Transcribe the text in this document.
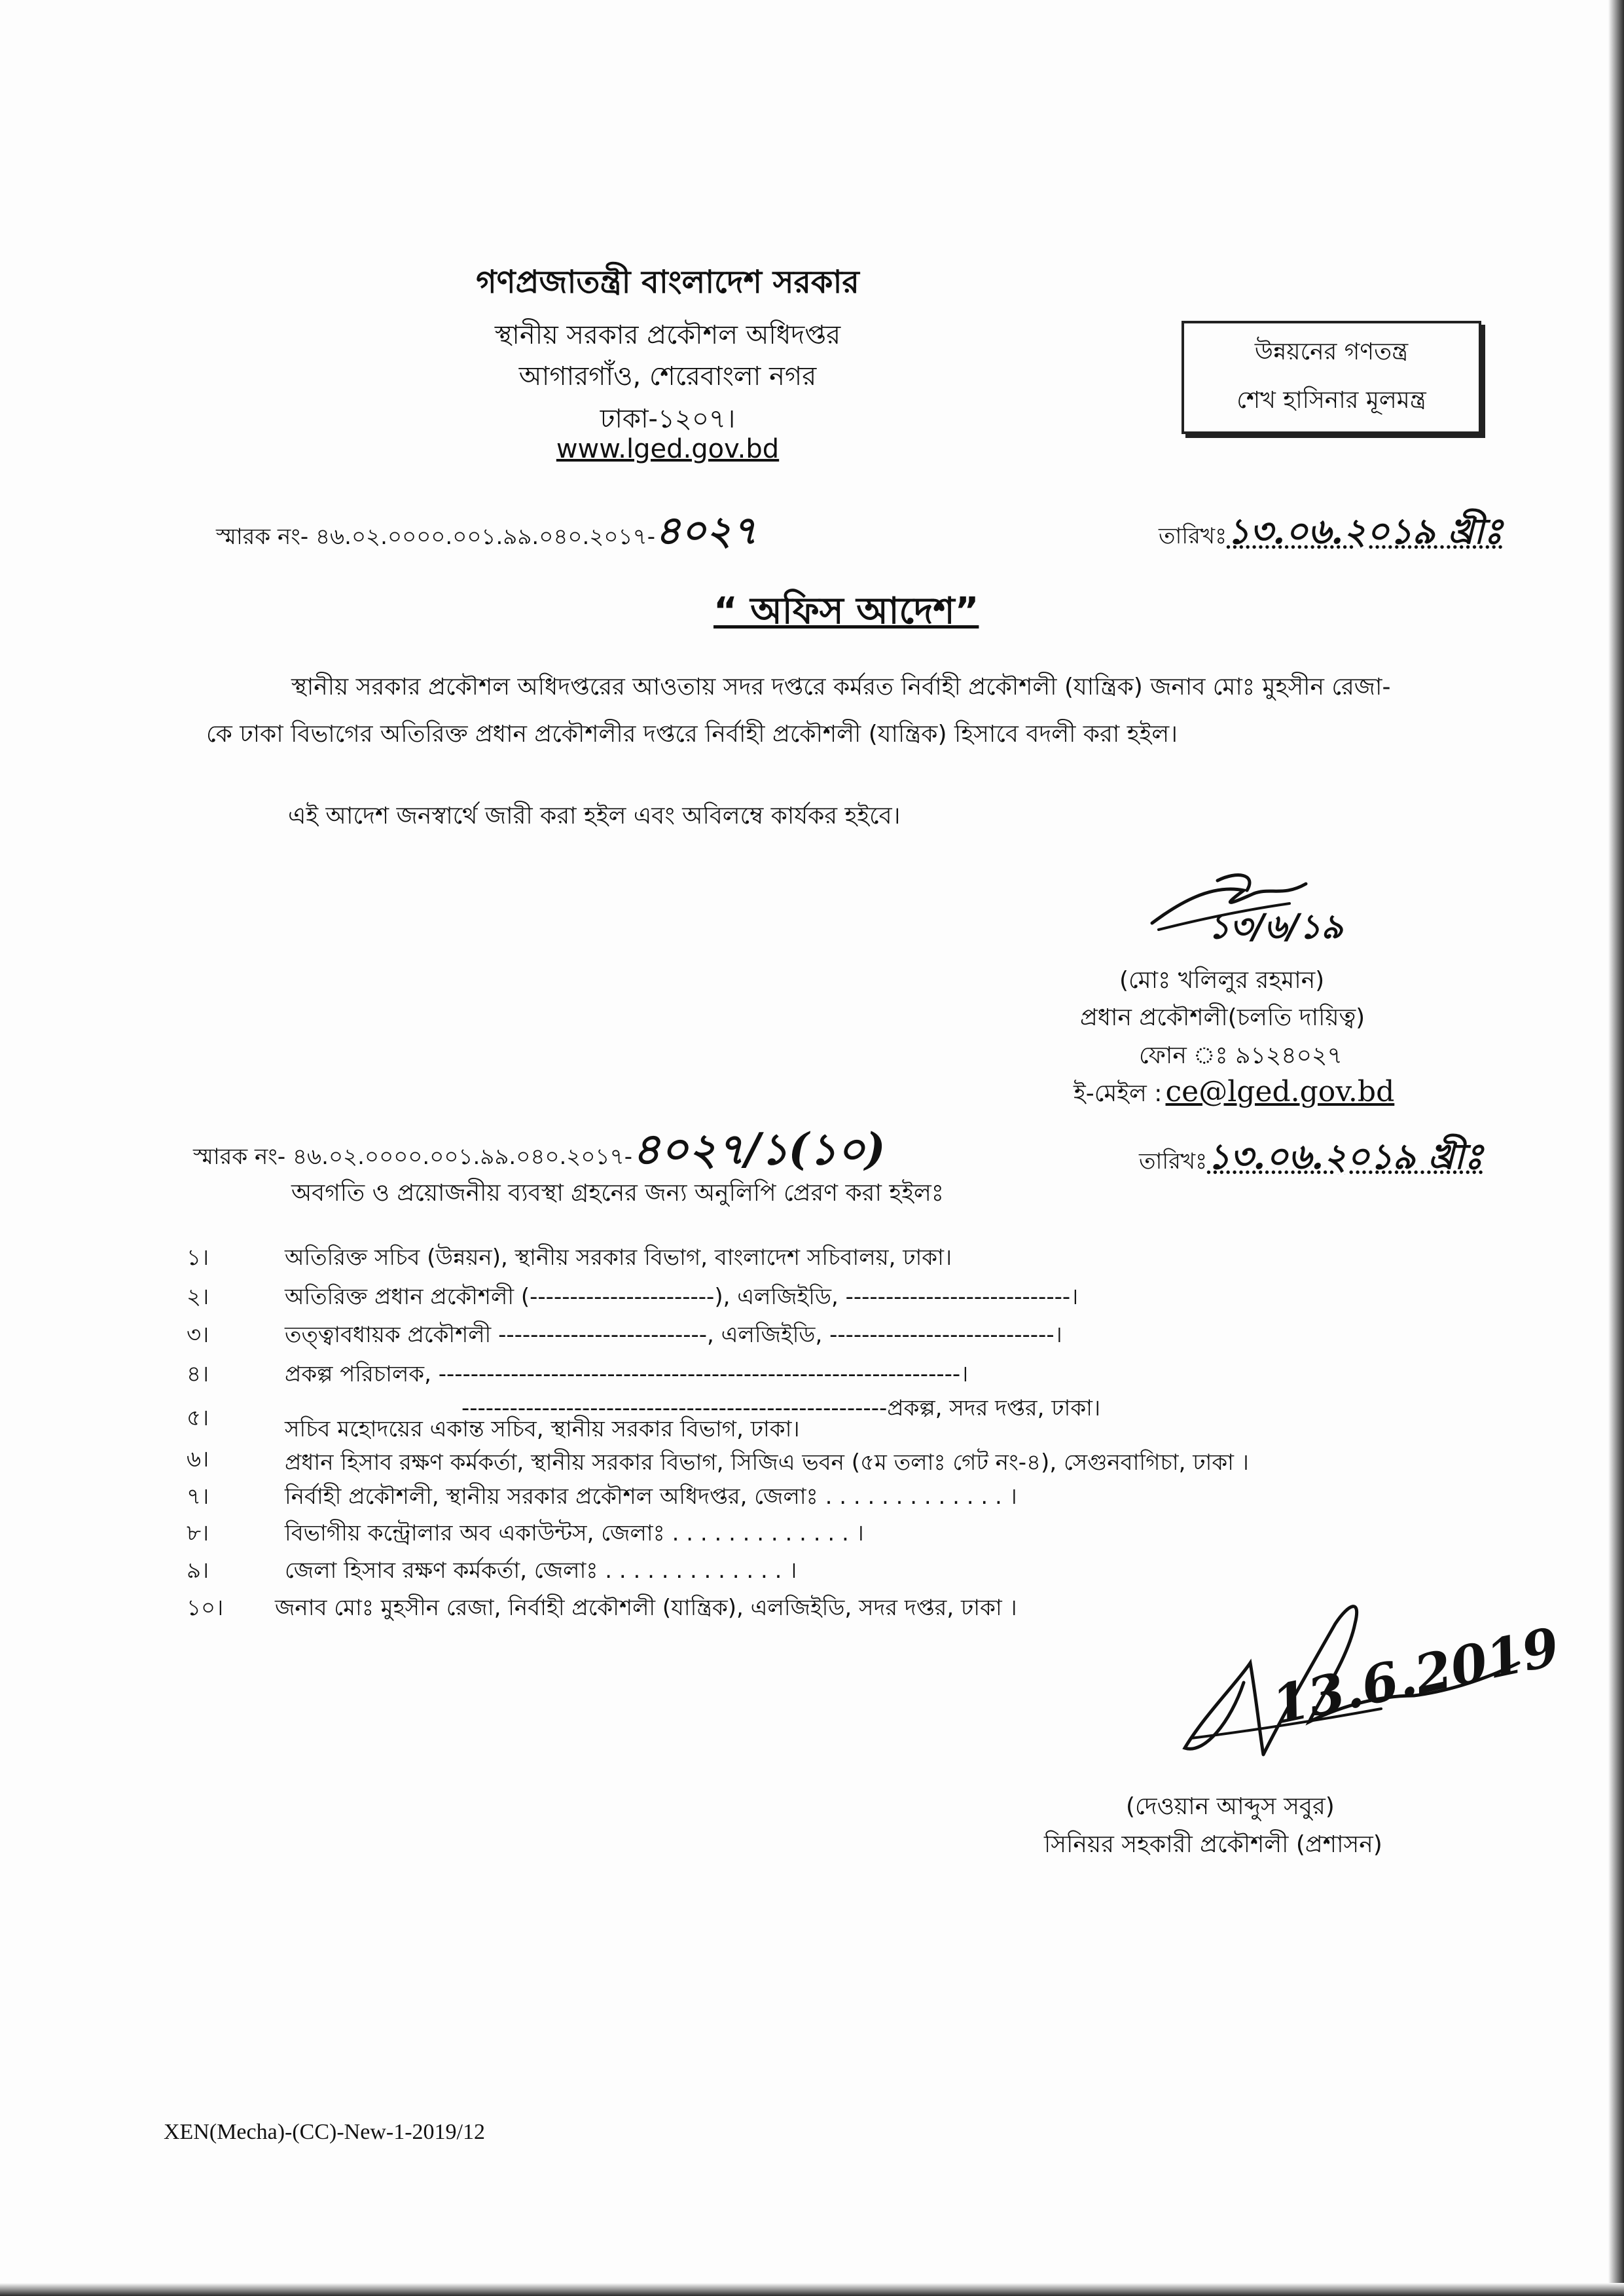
গণপ্রজাতন্ত্রী বাংলাদেশ সরকার
স্থানীয় সরকার প্রকৌশল অধিদপ্তর
আগারগাঁও, শেরেবাংলা নগর
ঢাকা-১২০৭।
www.lged.gov.bd
উন্নয়নের গণতন্ত্র
শেখ হাসিনার মূলমন্ত্র
স্মারক নং- ৪৬.০২.০০০০.০০১.৯৯.০৪০.২০১৭-৪০২৭	তারিখঃ১৩.০৬.২০১৯ খ্রীঃ
“ অফিস আদেশ”
স্থানীয় সরকার প্রকৌশল অধিদপ্তরের আওতায় সদর দপ্তরে কর্মরত নির্বাহী প্রকৌশলী (যান্ত্রিক) জনাব মোঃ মুহসীন রেজা-
কে ঢাকা বিভাগের অতিরিক্ত প্রধান প্রকৌশলীর দপ্তরে নির্বাহী প্রকৌশলী (যান্ত্রিক) হিসাবে বদলী করা হইল।
এই আদেশ জনস্বার্থে জারী করা হইল এবং অবিলম্বে কার্যকর হইবে।
১৩/৬/১৯
(মোঃ খলিলুর রহমান)
প্রধান প্রকৌশলী(চলতি দায়িত্ব)
ফোন ঃ ৯১২৪০২৭
ই-মেইল : ce@lged.gov.bd
স্মারক নং- ৪৬.০২.০০০০.০০১.৯৯.০৪০.২০১৭-৪০২৭/১(১০)	তারিখঃ১৩.০৬.২০১৯ খ্রীঃ
অবগতি ও প্রয়োজনীয় ব্যবস্থা গ্রহনের জন্য অনুলিপি প্রেরণ করা হইলঃ
১।	অতিরিক্ত সচিব (উন্নয়ন), স্থানীয় সরকার বিভাগ, বাংলাদেশ সচিবালয়, ঢাকা।
২।	অতিরিক্ত প্রধান প্রকৌশলী (-----------------------), এলজিইডি, ----------------------------।
৩।	তত্ত্বাবধায়ক প্রকৌশলী --------------------------, এলজিইডি, ----------------------------।
৪।	প্রকল্প পরিচালক, -----------------------------------------------------------------।
-----------------------------------------------------প্রকল্প, সদর দপ্তর, ঢাকা।
৫।	সচিব মহোদয়ের একান্ত সচিব, স্থানীয় সরকার বিভাগ, ঢাকা।
৬।	প্রধান হিসাব রক্ষণ কর্মকর্তা, স্থানীয় সরকার বিভাগ, সিজিএ ভবন (৫ম তলাঃ গেট নং-৪), সেগুনবাগিচা, ঢাকা ।
৭।	নির্বাহী প্রকৌশলী, স্থানীয় সরকার প্রকৌশল অধিদপ্তর, জেলাঃ . . . . . . . . . . . . . ।
৮।	বিভাগীয় কন্ট্রোলার অব একাউন্টস, জেলাঃ . . . . . . . . . . . . . ।
৯।	জেলা হিসাব রক্ষণ কর্মকর্তা, জেলাঃ . . . . . . . . . . . . . ।
১০। জনাব মোঃ মুহসীন রেজা, নির্বাহী প্রকৌশলী (যান্ত্রিক), এলজিইডি, সদর দপ্তর, ঢাকা ।
13.6.2019
(দেওয়ান আব্দুস সবুর)
সিনিয়র সহকারী প্রকৌশলী (প্রশাসন)
XEN(Mecha)-(CC)-New-1-2019/12
